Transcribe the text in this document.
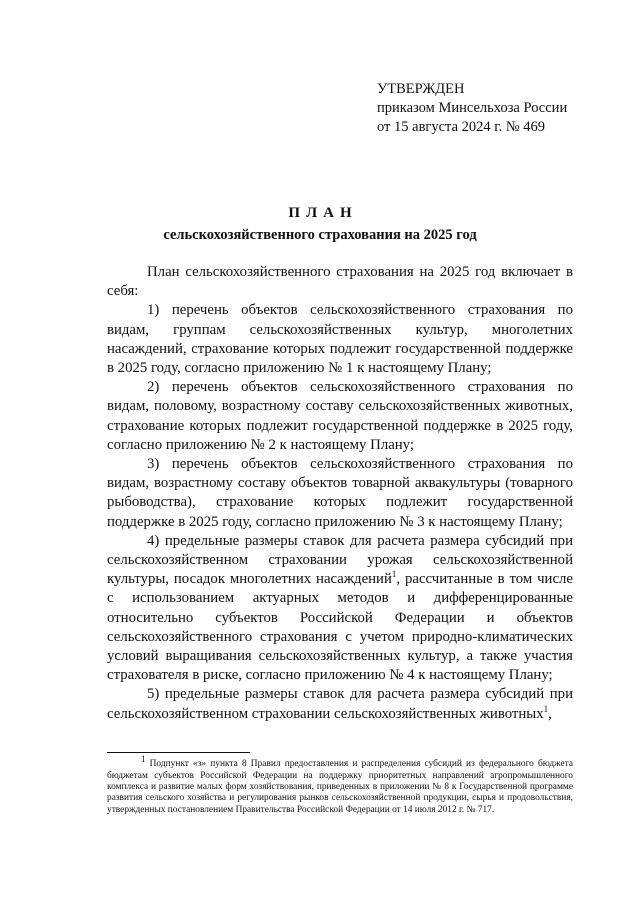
УТВЕРЖДЕН
приказом Минсельхоза России
от 15 августа 2024 г. № 469
ПЛАН
сельскохозяйственного страхования на 2025 год

План сельскохозяйственного страхования на 2025 год включает в себя:

1) перечень объектов сельскохозяйственного страхования по видам, группам сельскохозяйственных культур, многолетних насаждений, страхование которых подлежит государственной поддержке в 2025 году, согласно приложению № 1 к настоящему Плану;

2) перечень объектов сельскохозяйственного страхования по видам, половому, возрастному составу сельскохозяйственных животных, страхование которых подлежит государственной поддержке в 2025 году, согласно приложению № 2 к настоящему Плану;

3) перечень объектов сельскохозяйственного страхования по видам, возрастному составу объектов товарной аквакультуры (товарного рыбоводства), страхование которых подлежит государственной поддержке в 2025 году, согласно приложению № 3 к настоящему Плану;

4) предельные размеры ставок для расчета размера субсидий при сельскохозяйственном страховании урожая сельскохозяйственной культуры, посадок многолетних насаждений$^1$, рассчитанные в том числе с использованием актуарных методов и дифференцированные относительно субъектов Российской Федерации и объектов сельскохозяйственного страхования с учетом природно-климатических условий выращивания сельскохозяйственных культур, а также участия страхователя в риске, согласно приложению № 4 к настоящему Плану;

5) предельные размеры ставок для расчета размера субсидий при сельскохозяйственном страховании сельскохозяйственных животных$^1$,

$^1$ Подпункт «з» пункта 8 Правил предоставления и распределения субсидий из федерального бюджета бюджетам субъектов Российской Федерации на поддержку приоритетных направлений агропромышленного комплекса и развитие малых форм хозяйствования, приведенных в приложении № 8 к Государственной программе развития сельского хозяйства и регулирования рынков сельскохозяйственной продукции, сырья и продовольствия, утвержденных постановлением Правительства Российской Федерации от 14 июля 2012 г. № 717.
